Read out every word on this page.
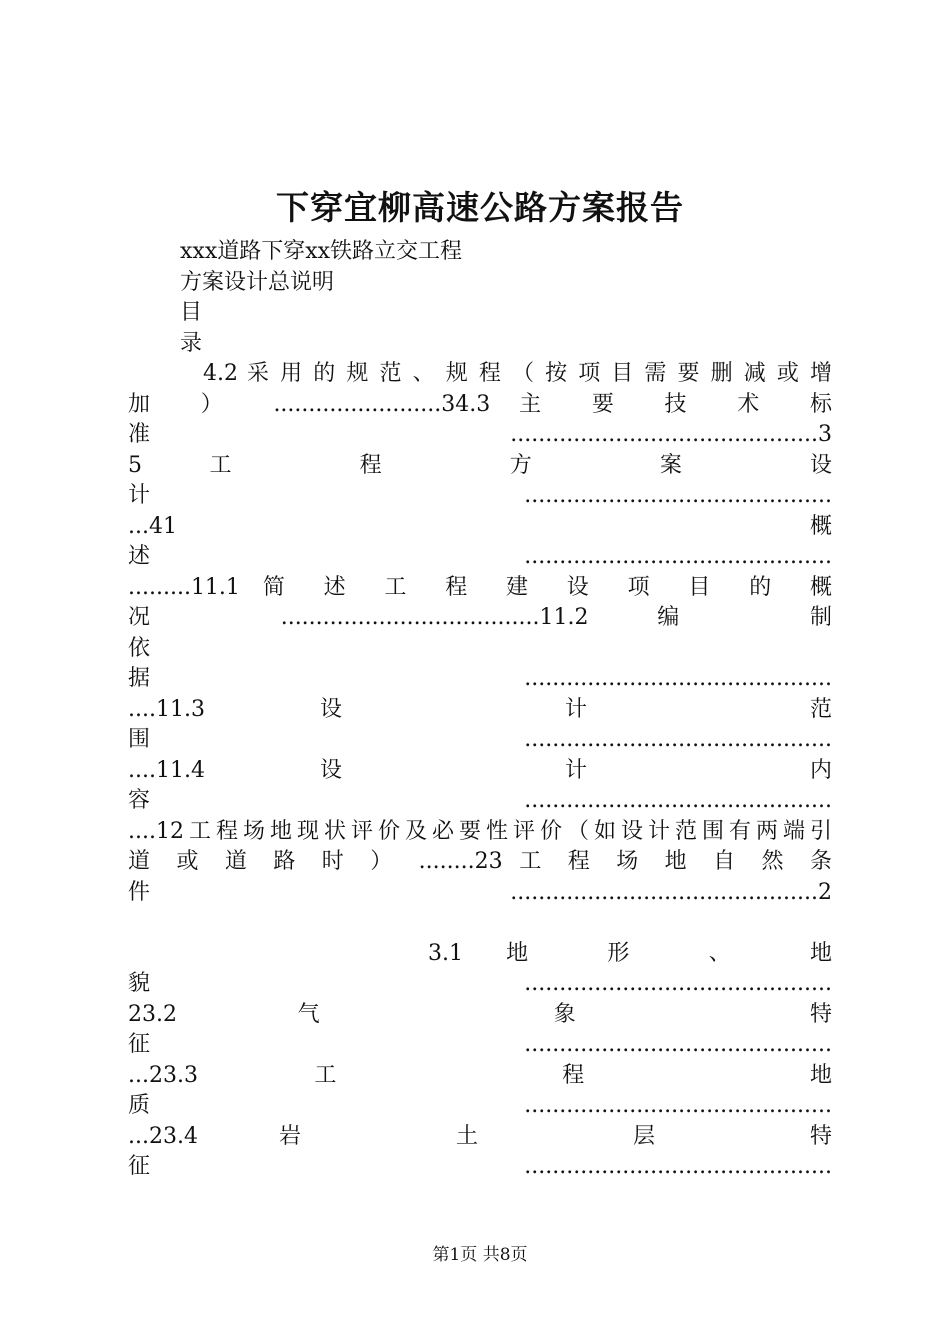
下穿宜柳高速公路方案报告
xxx道路下穿xx铁路立交工程
方案设计总说明
目
录
4.2 采 用 的 规 范 、 规 程 （ 按 项 目 需 要 删 减 或 增
加 ） ........................34.3 主 要 技 术 标
准............................................3
5 工 程 方 案 设
计............................................
...41 概
述............................................
.........11.1 简 述 工 程 建 设 项 目 的 概
况 .....................................11.2 编 制
依
据............................................
....11.3 设 计 范
围............................................
....11.4 设 计 内
容............................................
....12工程场地现状评价及必要性评价（如设计范围有两端引
道 或 道 路 时 ） ........23 工 程 场 地 自 然 条
件............................................2
3.1 地 形 、 地
貌............................................
23.2 气 象 特
征............................................
...23.3 工 程 地
质............................................
...23.4 岩 土 层 特
征............................................
第1页 共8页
